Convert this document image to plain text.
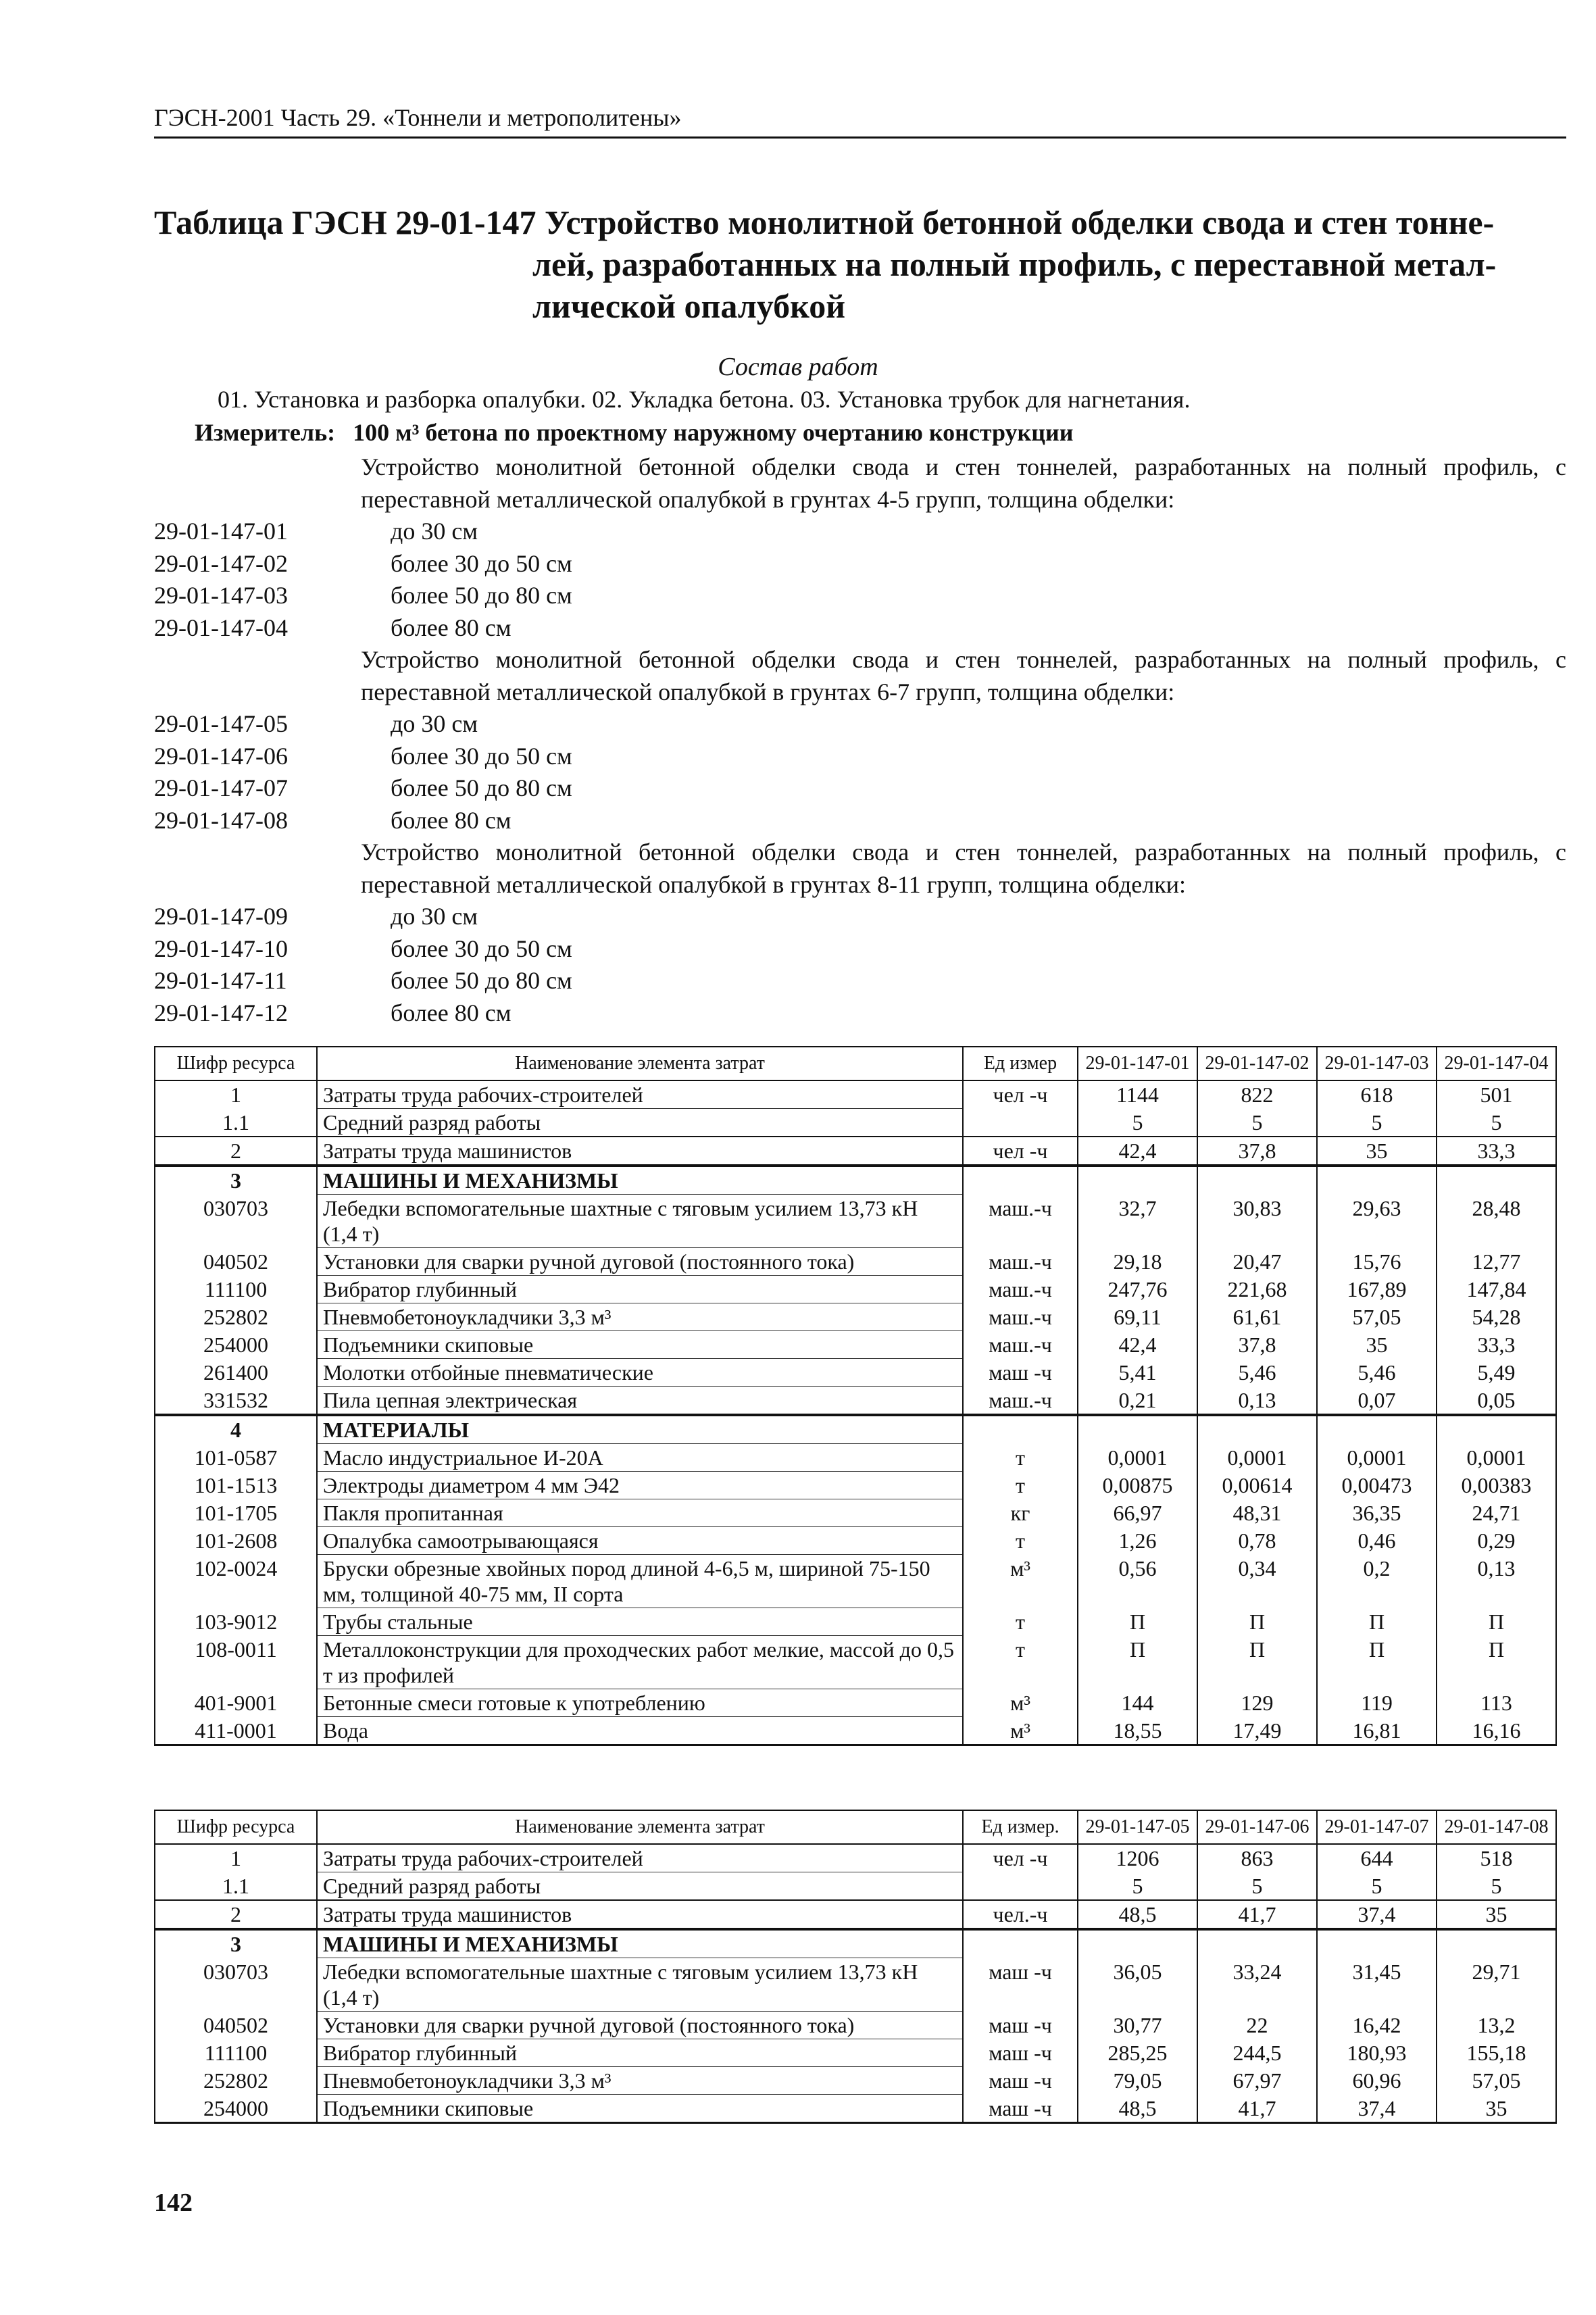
ГЭСН-2001 Часть 29. «Тоннели и метрополитены»
Таблица ГЭСН 29-01-147 Устройство монолитной бетонной обделки свода и стен тонне-
лей, разработанных на полный профиль, с переставной метал-
лической опалубкой
Состав работ
01. Установка и разборка опалубки. 02. Укладка бетона. 03. Установка трубок для нагнетания.
Измеритель: 100 м³ бетона по проектному наружному очертанию конструкции
Устройство монолитной бетонной обделки свода и стен тоннелей, разработанных на полный профиль, с переставной металлической опалубкой в грунтах 4-5 групп, толщина обделки:
29-01-147-01	до 30 см
29-01-147-02	более 30 до 50 см
29-01-147-03	более 50 до 80 см
29-01-147-04	более 80 см
Устройство монолитной бетонной обделки свода и стен тоннелей, разработанных на полный профиль, с переставной металлической опалубкой в грунтах 6-7 групп, толщина обделки:
29-01-147-05	до 30 см
29-01-147-06	более 30 до 50 см
29-01-147-07	более 50 до 80 см
29-01-147-08	более 80 см
Устройство монолитной бетонной обделки свода и стен тоннелей, разработанных на полный профиль, с переставной металлической опалубкой в грунтах 8-11 групп, толщина обделки:
29-01-147-09	до 30 см
29-01-147-10	более 30 до 50 см
29-01-147-11	более 50 до 80 см
29-01-147-12	более 80 см
Шифр ресурса	Наименование элемента затрат	Ед измер	29-01-147-01	29-01-147-02	29-01-147-03	29-01-147-04
1	Затраты труда рабочих-строителей	чел -ч	1144	822	618	501
1.1	Средний разряд работы		5	5	5	5
2	Затраты труда машинистов	чел -ч	42,4	37,8	35	33,3
3	МАШИНЫ И МЕХАНИЗМЫ					
030703	Лебедки вспомогательные шахтные с тяговым усилием 13,73 кН (1,4 т)	маш.-ч	32,7	30,83	29,63	28,48
040502	Установки для сварки ручной дуговой (постоянного тока)	маш.-ч	29,18	20,47	15,76	12,77
111100	Вибратор глубинный	маш.-ч	247,76	221,68	167,89	147,84
252802	Пневмобетоноукладчики 3,3 м³	маш.-ч	69,11	61,61	57,05	54,28
254000	Подъемники скиповые	маш.-ч	42,4	37,8	35	33,3
261400	Молотки отбойные пневматические	маш -ч	5,41	5,46	5,46	5,49
331532	Пила цепная электрическая	маш.-ч	0,21	0,13	0,07	0,05
4	МАТЕРИАЛЫ					
101-0587	Масло индустриальное И-20А	т	0,0001	0,0001	0,0001	0,0001
101-1513	Электроды диаметром 4 мм Э42	т	0,00875	0,00614	0,00473	0,00383
101-1705	Пакля пропитанная	кг	66,97	48,31	36,35	24,71
101-2608	Опалубка самоотрывающаяся	т	1,26	0,78	0,46	0,29
102-0024	Бруски обрезные хвойных пород длиной 4-6,5 м, шириной 75-150 мм, толщиной 40-75 мм, II сорта	м³	0,56	0,34	0,2	0,13
103-9012	Трубы стальные	т	П	П	П	П
108-0011	Металлоконструкции для проходческих работ мелкие, массой до 0,5 т из профилей	т	П	П	П	П
401-9001	Бетонные смеси готовые к употреблению	м³	144	129	119	113
411-0001	Вода	м³	18,55	17,49	16,81	16,16
Шифр ресурса	Наименование элемента затрат	Ед измер.	29-01-147-05	29-01-147-06	29-01-147-07	29-01-147-08
1	Затраты труда рабочих-строителей	чел -ч	1206	863	644	518
1.1	Средний разряд работы		5	5	5	5
2	Затраты труда машинистов	чел.-ч	48,5	41,7	37,4	35
3	МАШИНЫ И МЕХАНИЗМЫ					
030703	Лебедки вспомогательные шахтные с тяговым усилием 13,73 кН (1,4 т)	маш -ч	36,05	33,24	31,45	29,71
040502	Установки для сварки ручной дуговой (постоянного тока)	маш -ч	30,77	22	16,42	13,2
111100	Вибратор глубинный	маш -ч	285,25	244,5	180,93	155,18
252802	Пневмобетоноукладчики 3,3 м³	маш -ч	79,05	67,97	60,96	57,05
254000	Подъемники скиповые	маш -ч	48,5	41,7	37,4	35
142
